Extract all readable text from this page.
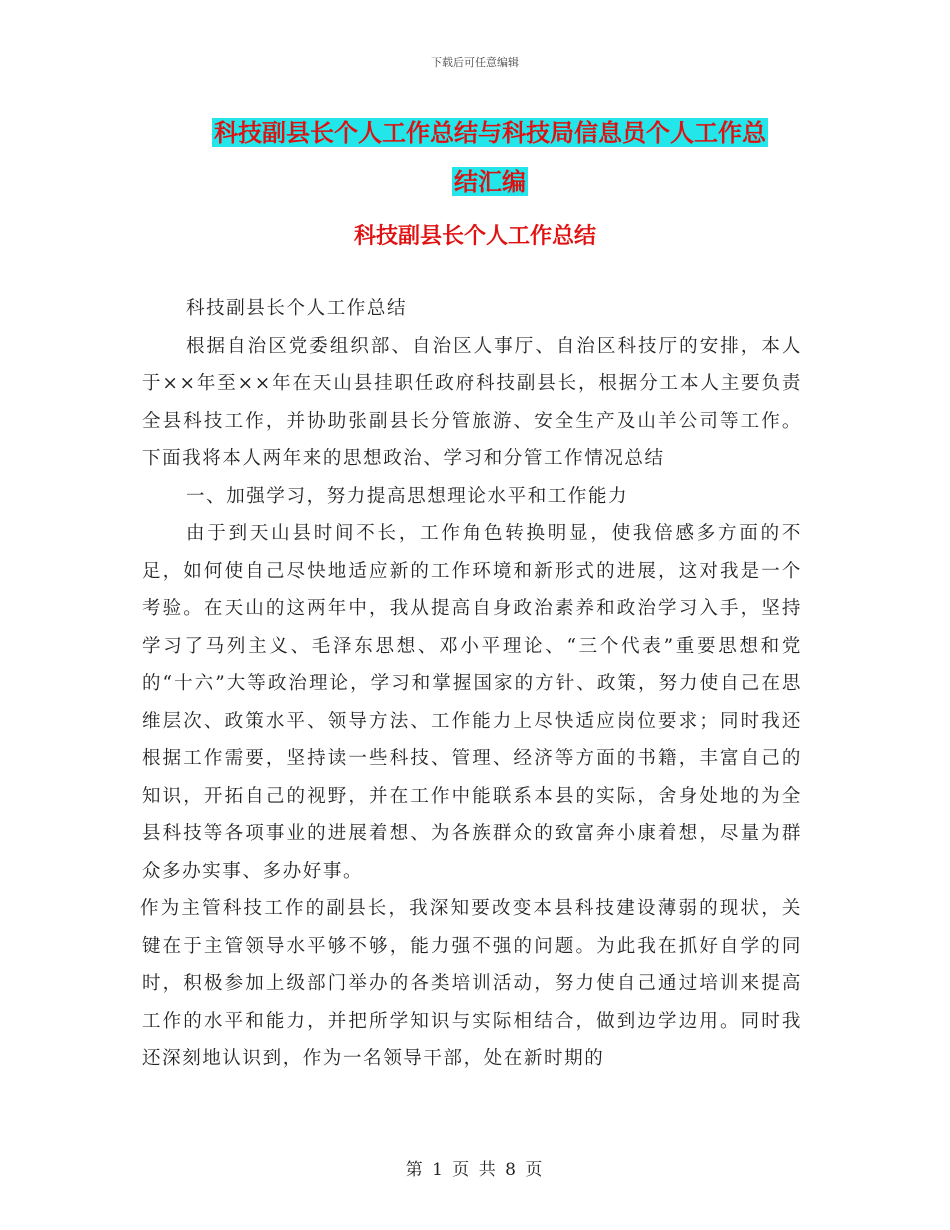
下载后可任意编辑
科技副县长个人工作总结与科技局信息员个人工作总
结汇编
科技副县长个人工作总结

科技副县长个人工作总结

根据自治区党委组织部、自治区人事厅、自治区科技厅的安排，本人于××年至××年在天山县挂职任政府科技副县长，根据分工本人主要负责全县科技工作，并协助张副县长分管旅游、安全生产及山羊公司等工作。下面我将本人两年来的思想政治、学习和分管工作情况总结

一、加强学习，努力提高思想理论水平和工作能力

由于到天山县时间不长，工作角色转换明显，使我倍感多方面的不足，如何使自己尽快地适应新的工作环境和新形式的进展，这对我是一个考验。在天山的这两年中，我从提高自身政治素养和政治学习入手，坚持学习了马列主义、毛泽东思想、邓小平理论、“三个代表”重要思想和党的“十六”大等政治理论，学习和掌握国家的方针、政策，努力使自己在思维层次、政策水平、领导方法、工作能力上尽快适应岗位要求；同时我还根据工作需要，坚持读一些科技、管理、经济等方面的书籍，丰富自己的知识，开拓自己的视野，并在工作中能联系本县的实际，舍身处地的为全县科技等各项事业的进展着想、为各族群众的致富奔小康着想，尽量为群众多办实事、多办好事。

作为主管科技工作的副县长，我深知要改变本县科技建设薄弱的现状，关键在于主管领导水平够不够，能力强不强的问题。为此我在抓好自学的同时，积极参加上级部门举办的各类培训活动，努力使自己通过培训来提高工作的水平和能力，并把所学知识与实际相结合，做到边学边用。同时我还深刻地认识到，作为一名领导干部，处在新时期的

第 1 页 共 8 页
